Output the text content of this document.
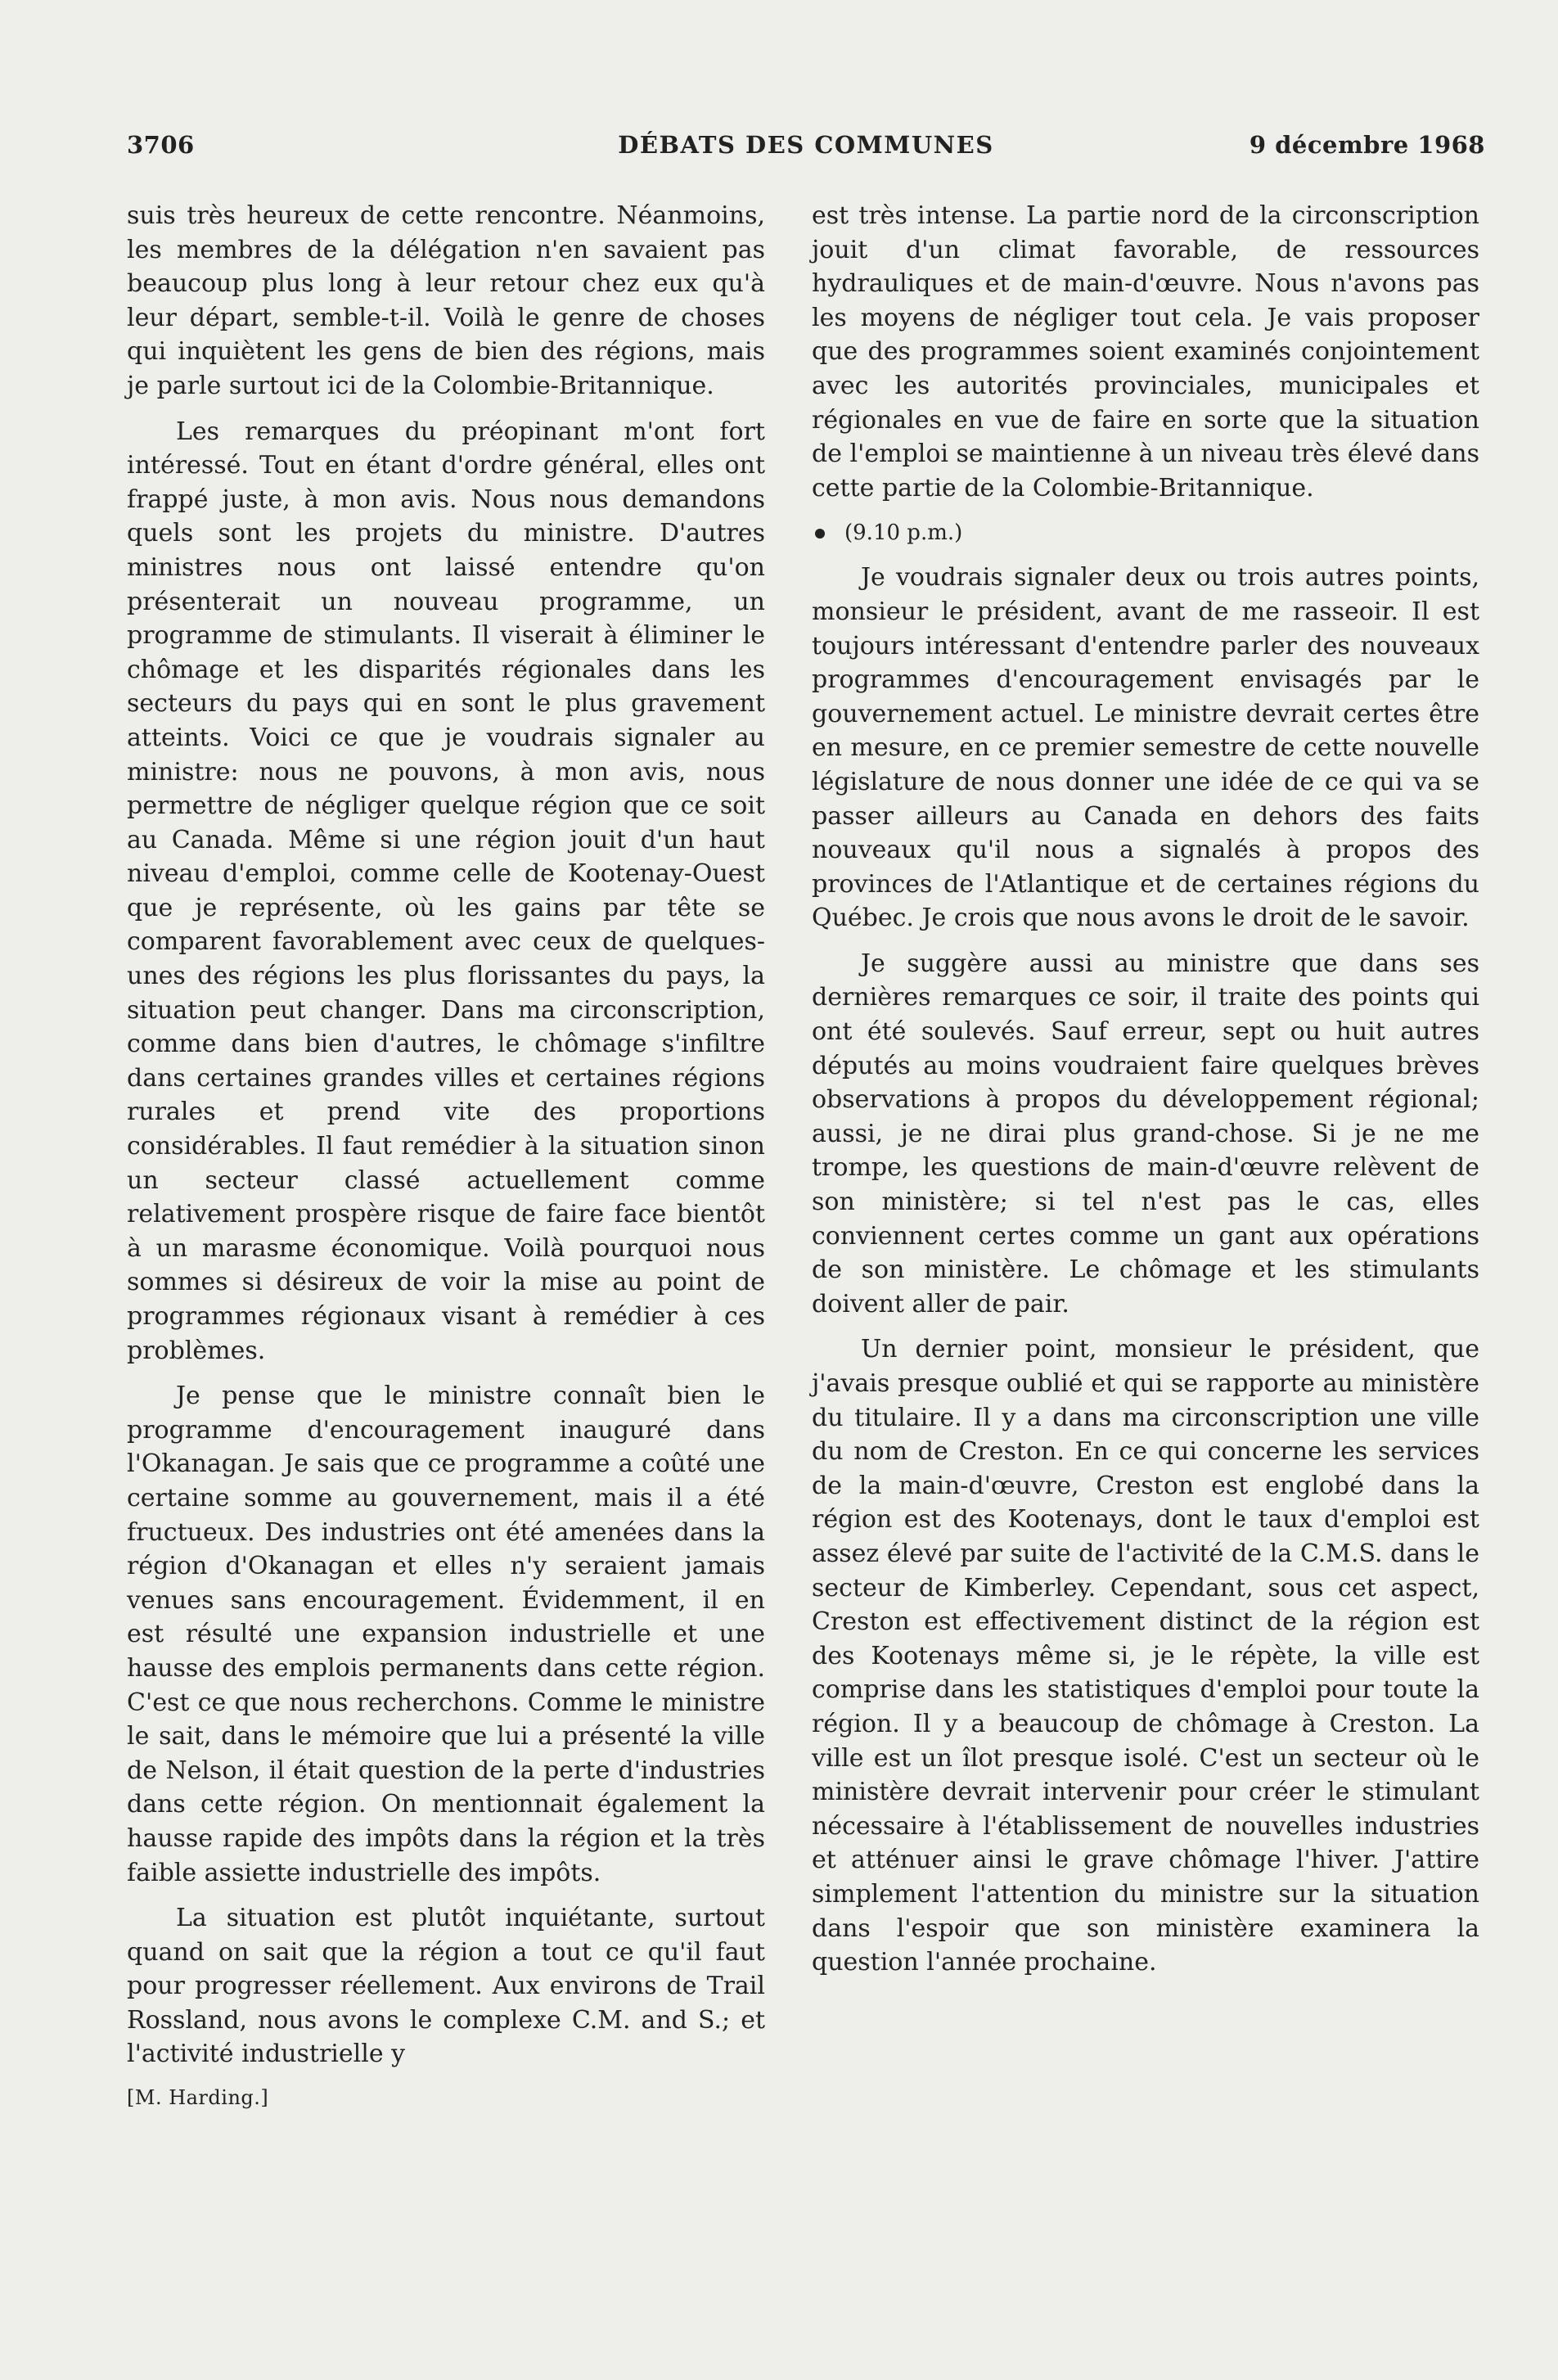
3706	DÉBATS DES COMMUNES	9 décembre 1968

suis très heureux de cette rencontre. Néanmoins, les membres de la délégation n'en savaient pas beaucoup plus long à leur retour chez eux qu'à leur départ, semble-t-il. Voilà le genre de choses qui inquiètent les gens de bien des régions, mais je parle surtout ici de la Colombie-Britannique.

Les remarques du préopinant m'ont fort intéressé. Tout en étant d'ordre général, elles ont frappé juste, à mon avis. Nous nous demandons quels sont les projets du ministre. D'autres ministres nous ont laissé entendre qu'on présenterait un nouveau programme, un programme de stimulants. Il viserait à éliminer le chômage et les disparités régionales dans les secteurs du pays qui en sont le plus gravement atteints. Voici ce que je voudrais signaler au ministre: nous ne pouvons, à mon avis, nous permettre de négliger quelque région que ce soit au Canada. Même si une région jouit d'un haut niveau d'emploi, comme celle de Kootenay-Ouest que je représente, où les gains par tête se comparent favorablement avec ceux de quelques-unes des régions les plus florissantes du pays, la situation peut changer. Dans ma circonscription, comme dans bien d'autres, le chômage s'infiltre dans certaines grandes villes et certaines régions rurales et prend vite des proportions considérables. Il faut remédier à la situation sinon un secteur classé actuellement comme relativement prospère risque de faire face bientôt à un marasme économique. Voilà pourquoi nous sommes si désireux de voir la mise au point de programmes régionaux visant à remédier à ces problèmes.

Je pense que le ministre connaît bien le programme d'encouragement inauguré dans l'Okanagan. Je sais que ce programme a coûté une certaine somme au gouvernement, mais il a été fructueux. Des industries ont été amenées dans la région d'Okanagan et elles n'y seraient jamais venues sans encouragement. Évidemment, il en est résulté une expansion industrielle et une hausse des emplois permanents dans cette région. C'est ce que nous recherchons. Comme le ministre le sait, dans le mémoire que lui a présenté la ville de Nelson, il était question de la perte d'industries dans cette région. On mentionnait également la hausse rapide des impôts dans la région et la très faible assiette industrielle des impôts.

La situation est plutôt inquiétante, surtout quand on sait que la région a tout ce qu'il faut pour progresser réellement. Aux environs de Trail Rossland, nous avons le complexe C.M. and S.; et l'activité industrielle y

[M. Harding.]

est très intense. La partie nord de la circonscription jouit d'un climat favorable, de ressources hydrauliques et de main-d'œuvre. Nous n'avons pas les moyens de négliger tout cela. Je vais proposer que des programmes soient examinés conjointement avec les autorités provinciales, municipales et régionales en vue de faire en sorte que la situation de l'emploi se maintienne à un niveau très élevé dans cette partie de la Colombie-Britannique.

(9.10 p.m.)

Je voudrais signaler deux ou trois autres points, monsieur le président, avant de me rasseoir. Il est toujours intéressant d'entendre parler des nouveaux programmes d'encouragement envisagés par le gouvernement actuel. Le ministre devrait certes être en mesure, en ce premier semestre de cette nouvelle législature de nous donner une idée de ce qui va se passer ailleurs au Canada en dehors des faits nouveaux qu'il nous a signalés à propos des provinces de l'Atlantique et de certaines régions du Québec. Je crois que nous avons le droit de le savoir.

Je suggère aussi au ministre que dans ses dernières remarques ce soir, il traite des points qui ont été soulevés. Sauf erreur, sept ou huit autres députés au moins voudraient faire quelques brèves observations à propos du développement régional; aussi, je ne dirai plus grand-chose. Si je ne me trompe, les questions de main-d'œuvre relèvent de son ministère; si tel n'est pas le cas, elles conviennent certes comme un gant aux opérations de son ministère. Le chômage et les stimulants doivent aller de pair.

Un dernier point, monsieur le président, que j'avais presque oublié et qui se rapporte au ministère du titulaire. Il y a dans ma circonscription une ville du nom de Creston. En ce qui concerne les services de la main-d'œuvre, Creston est englobé dans la région est des Kootenays, dont le taux d'emploi est assez élevé par suite de l'activité de la C.M.S. dans le secteur de Kimberley. Cependant, sous cet aspect, Creston est effectivement distinct de la région est des Kootenays même si, je le répète, la ville est comprise dans les statistiques d'emploi pour toute la région. Il y a beaucoup de chômage à Creston. La ville est un îlot presque isolé. C'est un secteur où le ministère devrait intervenir pour créer le stimulant nécessaire à l'établissement de nouvelles industries et atténuer ainsi le grave chômage l'hiver. J'attire simplement l'attention du ministre sur la situation dans l'espoir que son ministère examinera la question l'année prochaine.
